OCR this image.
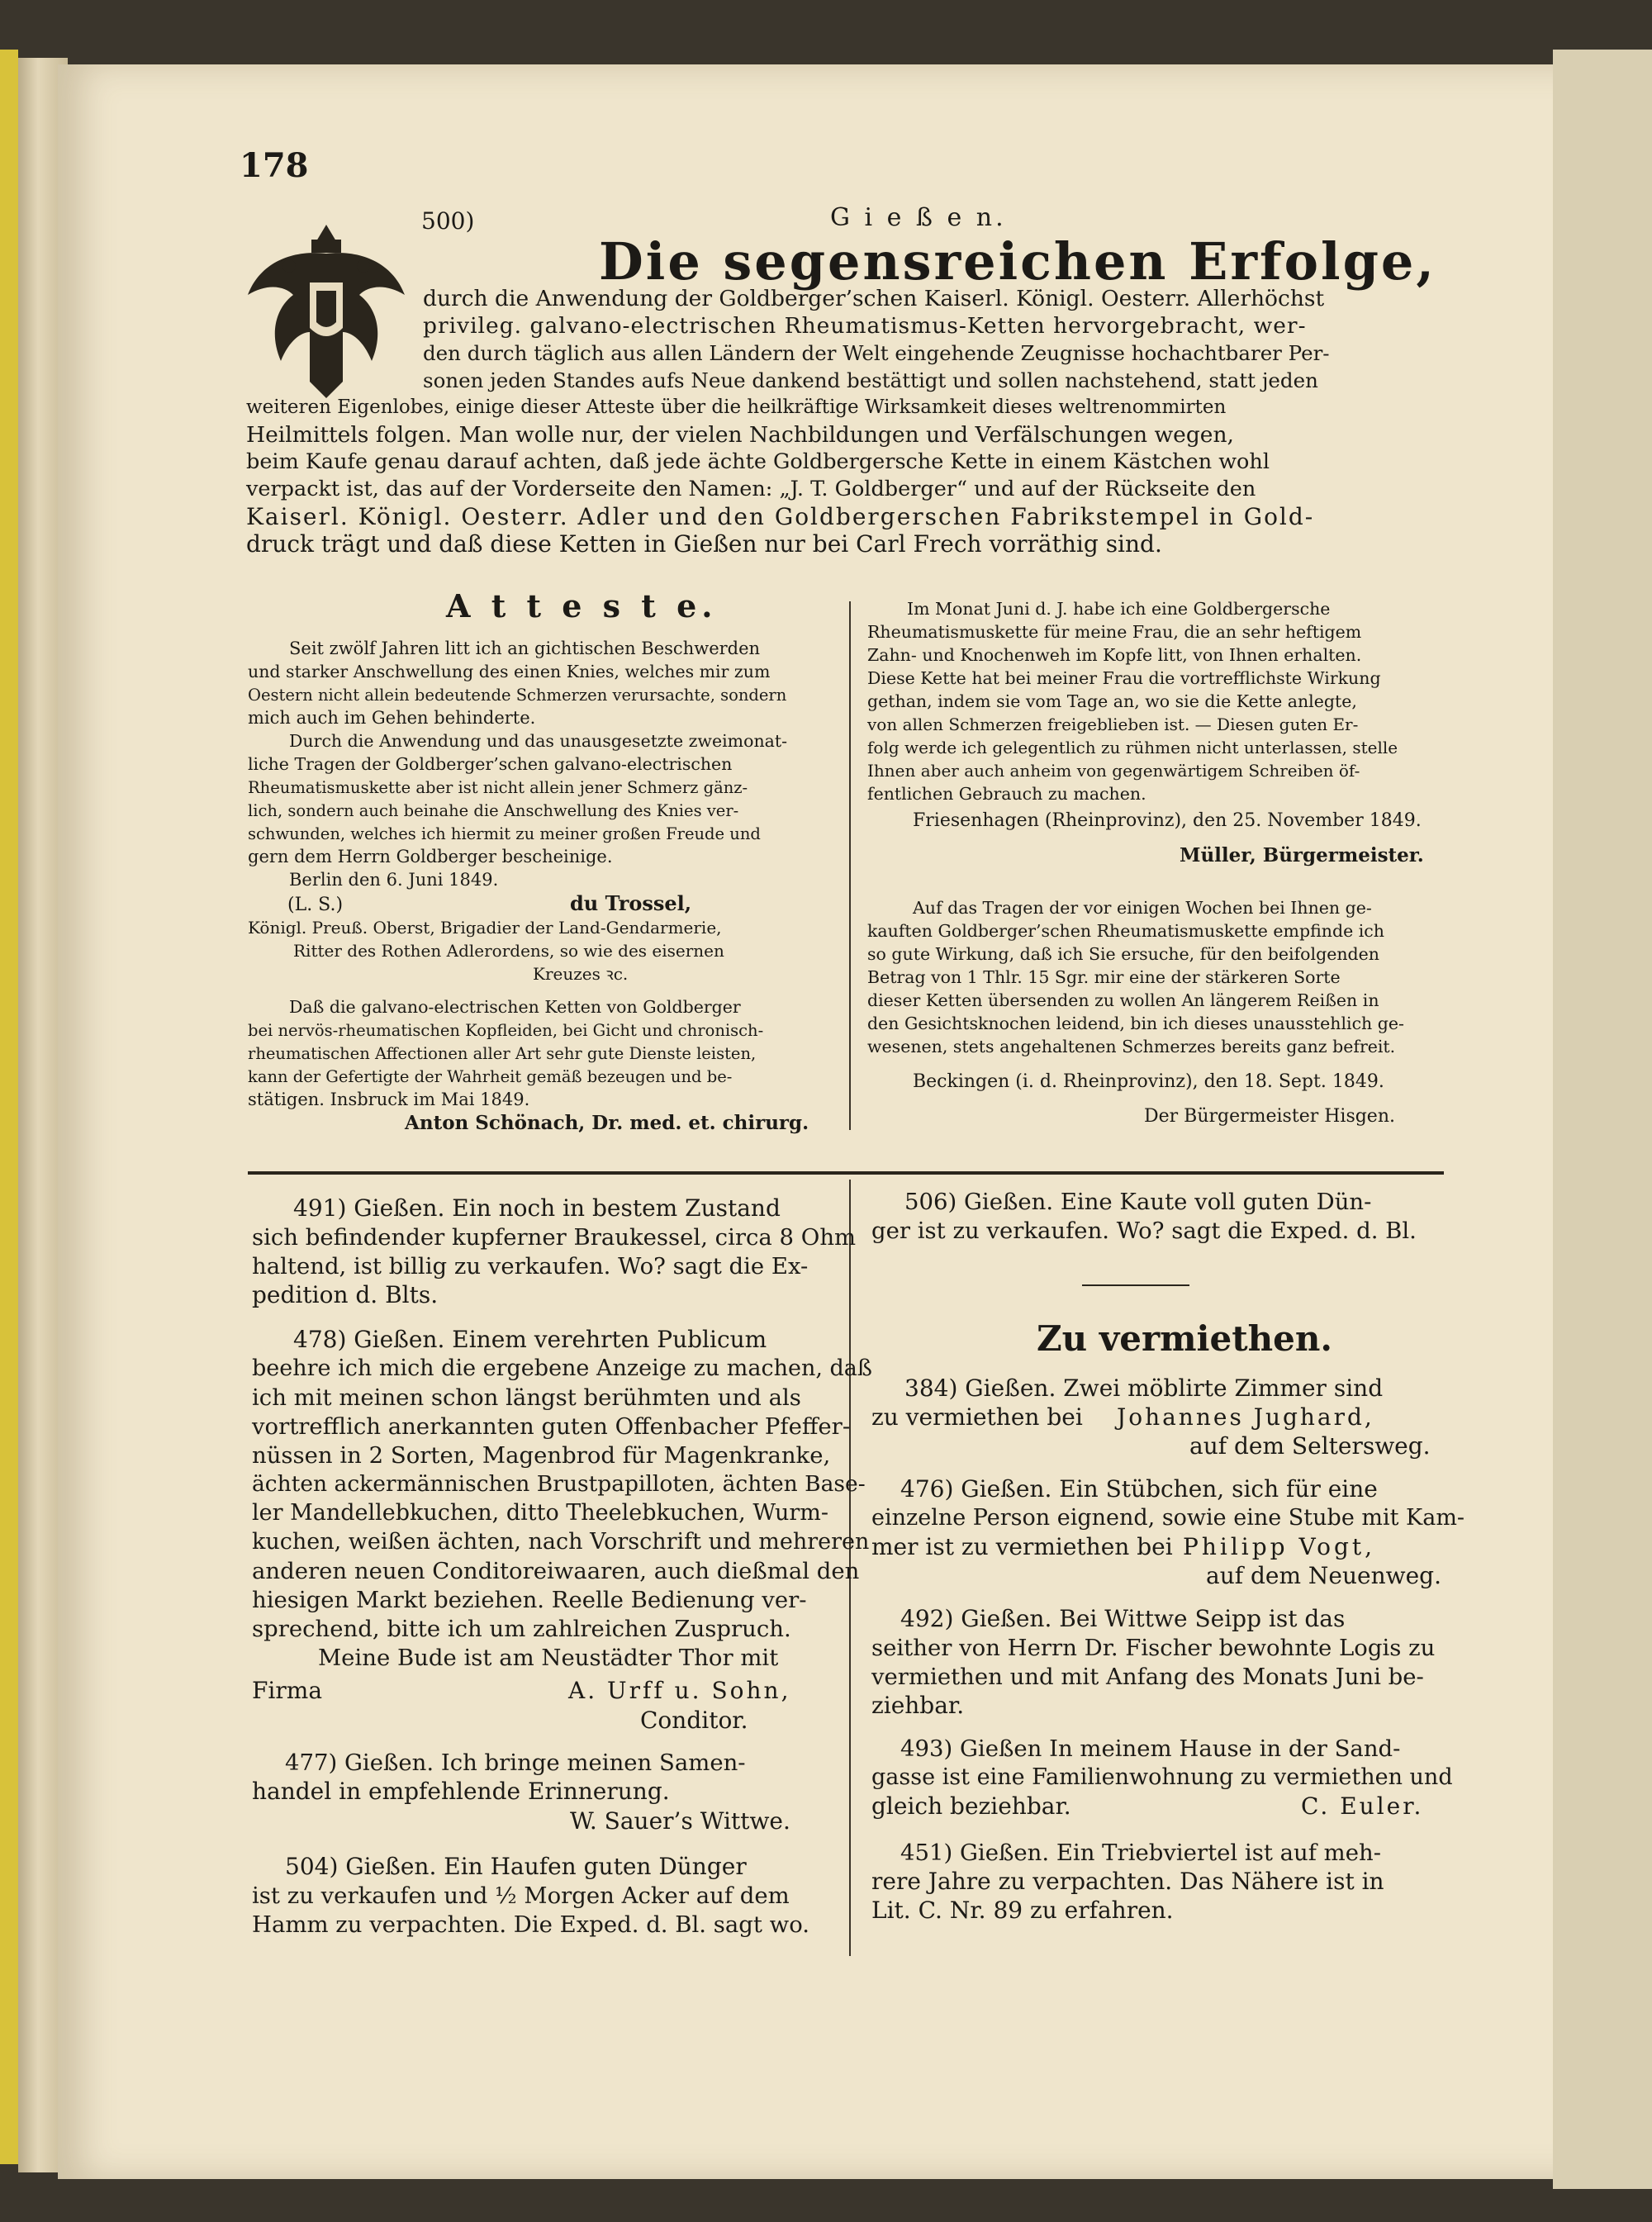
178
500)	G i e ß e n.
Die segensreichen Erfolge,
durch die Anwendung der Goldberger’schen Kaiserl. Königl. Oesterr. Allerhöchst
privileg. galvano-electrischen Rheumatismus-Ketten hervorgebracht, wer-
den durch täglich aus allen Ländern der Welt eingehende Zeugnisse hochachtbarer Per-
sonen jeden Standes aufs Neue dankend bestättigt und sollen nachstehend, statt jeden
weiteren Eigenlobes, einige dieser Atteste über die heilkräftige Wirksamkeit dieses weltrenommirten
Heilmittels folgen. Man wolle nur, der vielen Nachbildungen und Verfälschungen wegen,
beim Kaufe genau darauf achten, daß jede ächte Goldbergersche Kette in einem Kästchen wohl
verpackt ist, das auf der Vorderseite den Namen: „J. T. Goldberger“ und auf der Rückseite den
Kaiserl. Königl. Oesterr. Adler und den Goldbergerschen Fabrikstempel in Gold-
druck trägt und daß diese Ketten in Gießen nur bei Carl Frech vorräthig sind.
A t t e s t e.
Seit zwölf Jahren litt ich an gichtischen Beschwerden
und starker Anschwellung des einen Knies, welches mir zum
Oestern nicht allein bedeutende Schmerzen verursachte, sondern
mich auch im Gehen behinderte.
Durch die Anwendung und das unausgesetzte zweimonat-
liche Tragen der Goldberger’schen galvano-electrischen
Rheumatismuskette aber ist nicht allein jener Schmerz gänz-
lich, sondern auch beinahe die Anschwellung des Knies ver-
schwunden, welches ich hiermit zu meiner großen Freude und
gern dem Herrn Goldberger bescheinige.
Berlin den 6. Juni 1849.
(L. S.)	du Trossel,
Königl. Preuß. Oberst, Brigadier der Land-Gendarmerie,
Ritter des Rothen Adlerordens, so wie des eisernen
Kreuzes ꝛc.
Daß die galvano-electrischen Ketten von Goldberger
bei nervös-rheumatischen Kopfleiden, bei Gicht und chronisch-
rheumatischen Affectionen aller Art sehr gute Dienste leisten,
kann der Gefertigte der Wahrheit gemäß bezeugen und be-
stätigen. Insbruck im Mai 1849.
Anton Schönach, Dr. med. et. chirurg.
Im Monat Juni d. J. habe ich eine Goldbergersche
Rheumatismuskette für meine Frau, die an sehr heftigem
Zahn- und Knochenweh im Kopfe litt, von Ihnen erhalten.
Diese Kette hat bei meiner Frau die vortrefflichste Wirkung
gethan, indem sie vom Tage an, wo sie die Kette anlegte,
von allen Schmerzen freigeblieben ist. — Diesen guten Er-
folg werde ich gelegentlich zu rühmen nicht unterlassen, stelle
Ihnen aber auch anheim von gegenwärtigem Schreiben öf-
fentlichen Gebrauch zu machen.
Friesenhagen (Rheinprovinz), den 25. November 1849.
Müller, Bürgermeister.
Auf das Tragen der vor einigen Wochen bei Ihnen ge-
kauften Goldberger’schen Rheumatismuskette empfinde ich
so gute Wirkung, daß ich Sie ersuche, für den beifolgenden
Betrag von 1 Thlr. 15 Sgr. mir eine der stärkeren Sorte
dieser Ketten übersenden zu wollen An längerem Reißen in
den Gesichtsknochen leidend, bin ich dieses unausstehlich ge-
wesenen, stets angehaltenen Schmerzes bereits ganz befreit.
Beckingen (i. d. Rheinprovinz), den 18. Sept. 1849.
Der Bürgermeister Hisgen.
491) Gießen. Ein noch in bestem Zustand
sich befindender kupferner Braukessel, circa 8 Ohm
haltend, ist billig zu verkaufen. Wo? sagt die Ex-
pedition d. Blts.
478) Gießen. Einem verehrten Publicum
beehre ich mich die ergebene Anzeige zu machen, daß
ich mit meinen schon längst berühmten und als
vortrefflich anerkannten guten Offenbacher Pfeffer-
nüssen in 2 Sorten, Magenbrod für Magenkranke,
ächten ackermännischen Brustpapilloten, ächten Base-
ler Mandellebkuchen, ditto Theelebkuchen, Wurm-
kuchen, weißen ächten, nach Vorschrift und mehreren
anderen neuen Conditoreiwaaren, auch dießmal den
hiesigen Markt beziehen. Reelle Bedienung ver-
sprechend, bitte ich um zahlreichen Zuspruch.
Meine Bude ist am Neustädter Thor mit
Firma	A. Urff u. Sohn,
Conditor.
477) Gießen. Ich bringe meinen Samen-
handel in empfehlende Erinnerung.
W. Sauer’s Wittwe.
504) Gießen. Ein Haufen guten Dünger
ist zu verkaufen und ½ Morgen Acker auf dem
Hamm zu verpachten. Die Exped. d. Bl. sagt wo.
506) Gießen. Eine Kaute voll guten Dün-
ger ist zu verkaufen. Wo? sagt die Exped. d. Bl.
Zu vermiethen.
384) Gießen. Zwei möblirte Zimmer sind
zu vermiethen bei Johannes Jughard,
auf dem Seltersweg.
476) Gießen. Ein Stübchen, sich für eine
einzelne Person eignend, sowie eine Stube mit Kam-
mer ist zu vermiethen bei Philipp Vogt,
auf dem Neuenweg.
492) Gießen. Bei Wittwe Seipp ist das
seither von Herrn Dr. Fischer bewohnte Logis zu
vermiethen und mit Anfang des Monats Juni be-
ziehbar.
493) Gießen In meinem Hause in der Sand-
gasse ist eine Familienwohnung zu vermiethen und
gleich beziehbar.	C. Euler.
451) Gießen. Ein Triebviertel ist auf meh-
rere Jahre zu verpachten. Das Nähere ist in
Lit. C. Nr. 89 zu erfahren.
